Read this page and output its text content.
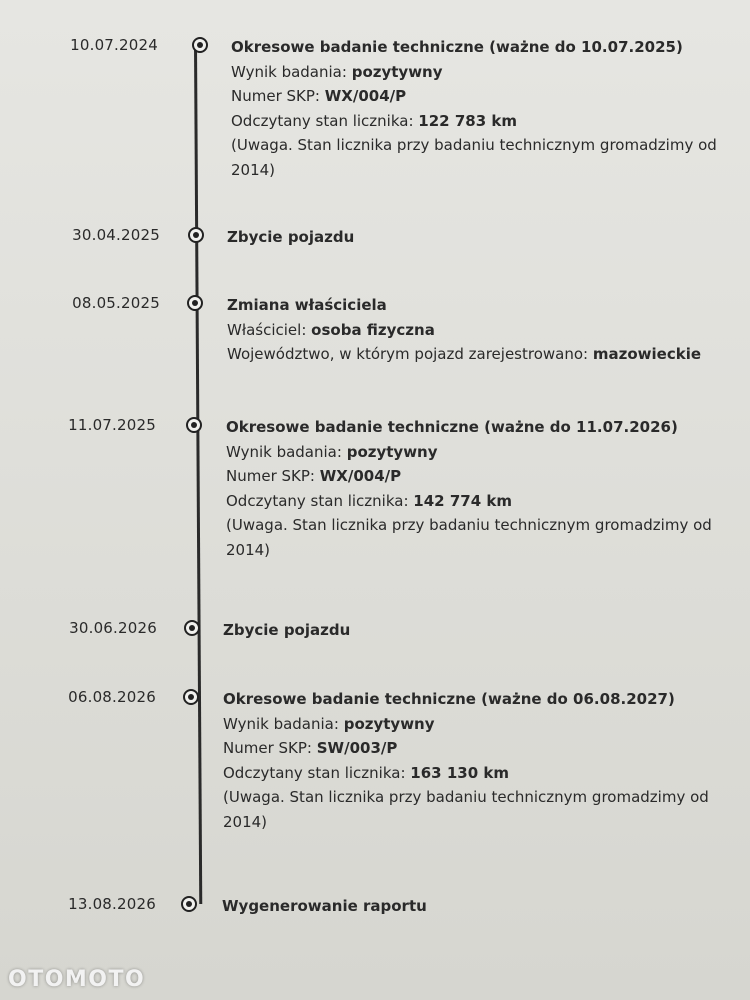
10.07.2024	Okresowe badanie techniczne (ważne do 10.07.2025)
Wynik badania: pozytywny
Numer SKP: WX/004/P
Odczytany stan licznika: 122 783 km
(Uwaga. Stan licznika przy badaniu technicznym gromadzimy od
2014)
30.04.2025	Zbycie pojazdu
08.05.2025	Zmiana właściciela
Właściciel: osoba fizyczna
Województwo, w którym pojazd zarejestrowano: mazowieckie
11.07.2025	Okresowe badanie techniczne (ważne do 11.07.2026)
Wynik badania: pozytywny
Numer SKP: WX/004/P
Odczytany stan licznika: 142 774 km
(Uwaga. Stan licznika przy badaniu technicznym gromadzimy od
2014)
30.06.2026	Zbycie pojazdu
06.08.2026	Okresowe badanie techniczne (ważne do 06.08.2027)
Wynik badania: pozytywny
Numer SKP: SW/003/P
Odczytany stan licznika: 163 130 km
(Uwaga. Stan licznika przy badaniu technicznym gromadzimy od
2014)
13.08.2026	Wygenerowanie raportu
OTOMOTO
